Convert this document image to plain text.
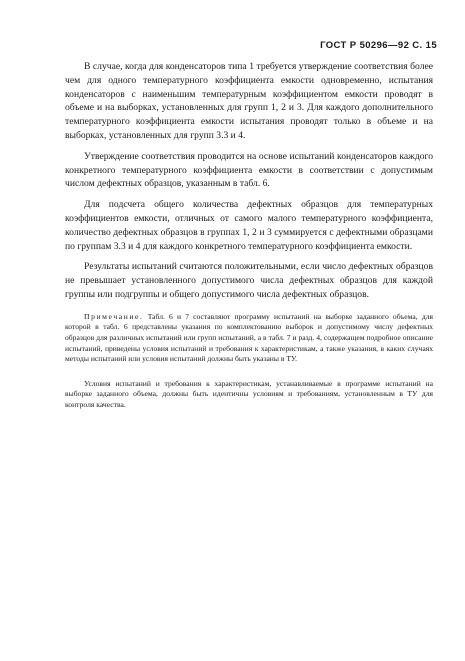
ГОСТ Р 50296—92 С. 15

В случае, когда для конденсаторов типа 1 требуется утверждение соответствия более чем для одного температурного коэффициента емкости одновременно, испытания конденсаторов с наименьшим температурным коэффициентом емкости проводят в объеме и на выборках, установленных для групп 1, 2 и 3. Для каждого дополнительного температурного коэффициента емкости испытания проводят только в объеме и на выборках, установленных для групп 3.3 и 4.

Утверждение соответствия проводится на основе испытаний конденсаторов каждого конкретного температурного коэффициента емкости в соответствии с допустимым числом дефектных образцов, указанным в табл. 6.

Для подсчета общего количества дефектных образцов для температурных коэффициентов емкости, отличных от самого малого температурного коэффициента, количество дефектных образцов в группах 1, 2 и 3 суммируется с дефектными образцами по группам 3.3 и 4 для каждого конкретного температурного коэффициента емкости.

Результаты испытаний считаются положительными, если число дефектных образцов не превышает установленного допустимого числа дефектных образцов для каждой группы или подгруппы и общего допустимого числа дефектных образцов.

Примечание. Табл. 6 и 7 составляют программу испытаний на выборке заданного объема, для которой в табл. 6 представлены указания по комплектованию выборок и допустимому числу дефектных образцов для различных испытаний или групп испытаний, а в табл. 7 и разд. 4, содержащем подробное описание испытаний, приведены условия испытаний и требования к характеристикам, а также указания, в каких случаях методы испытаний или условия испытаний должны быть указаны в ТУ.

Условия испытаний и требования к характеристикам, устанавливаемые в программе испытаний на выборке заданного объема, должны быть идентичны условиям и требованиям, установленным в ТУ для контроля качества.
